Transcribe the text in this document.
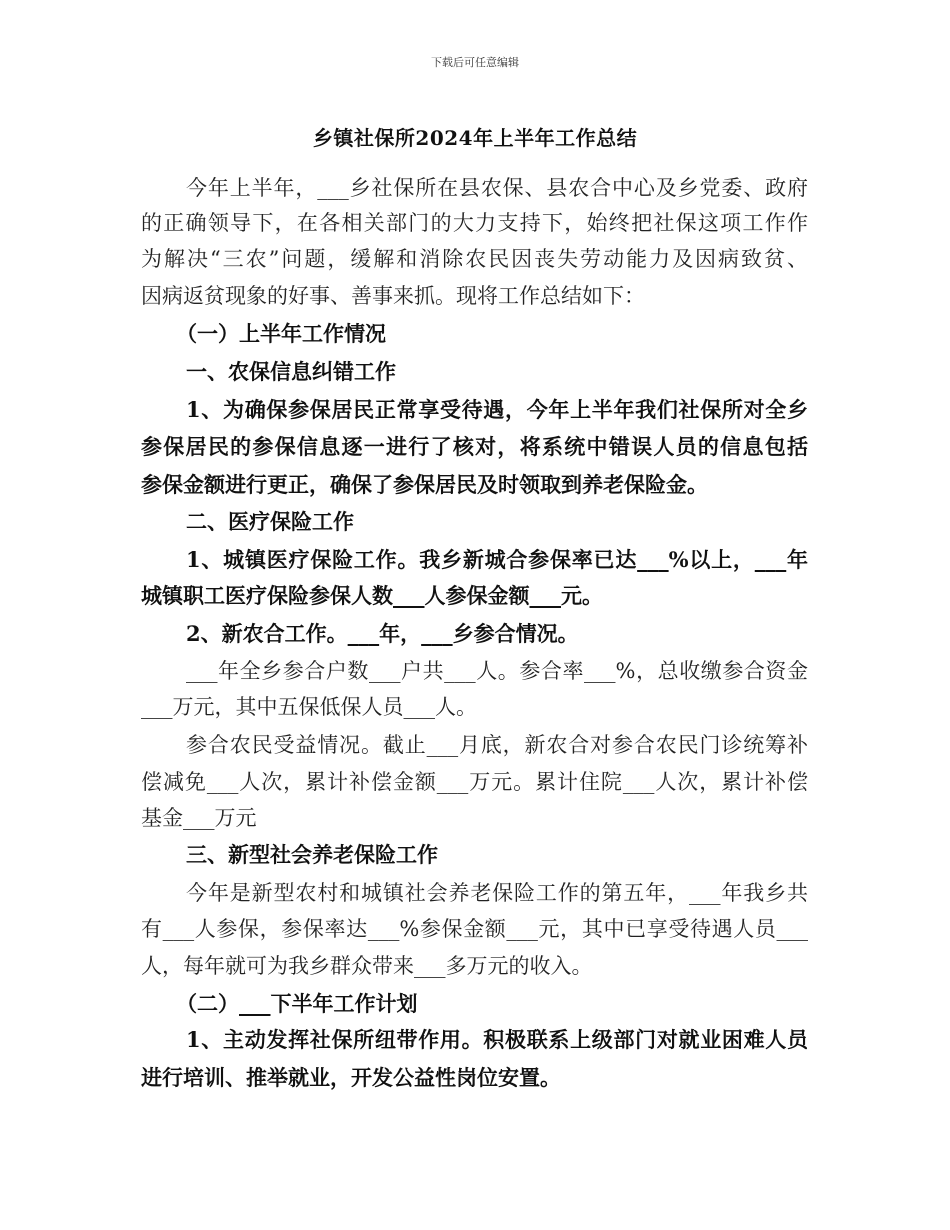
下载后可任意编辑
乡镇社保所2024年上半年工作总结
今年上半年，___乡社保所在县农保、县农合中心及乡党委、政府
的正确领导下，在各相关部门的大力支持下，始终把社保这项工作作
为解决“三农”问题，缓解和消除农民因丧失劳动能力及因病致贫、
因病返贫现象的好事、善事来抓。现将工作总结如下：
（一）上半年工作情况
一、农保信息纠错工作
1、为确保参保居民正常享受待遇，今年上半年我们社保所对全乡
参保居民的参保信息逐一进行了核对，将系统中错误人员的信息包括
参保金额进行更正，确保了参保居民及时领取到养老保险金。
二、医疗保险工作
1、城镇医疗保险工作。我乡新城合参保率已达___%以上，___年
城镇职工医疗保险参保人数___人参保金额___元。
2、新农合工作。___年，___乡参合情况。
___年全乡参合户数___户共___人。参合率___%，总收缴参合资金
___万元，其中五保低保人员___人。
参合农民受益情况。截止___月底，新农合对参合农民门诊统筹补
偿减免___人次，累计补偿金额___万元。累计住院___人次，累计补偿
基金___万元
三、新型社会养老保险工作
今年是新型农村和城镇社会养老保险工作的第五年，___年我乡共
有___人参保，参保率达___%参保金额___元，其中已享受待遇人员___
人，每年就可为我乡群众带来___多万元的收入。
（二）___下半年工作计划
1、主动发挥社保所纽带作用。积极联系上级部门对就业困难人员
进行培训、推举就业，开发公益性岗位安置。
